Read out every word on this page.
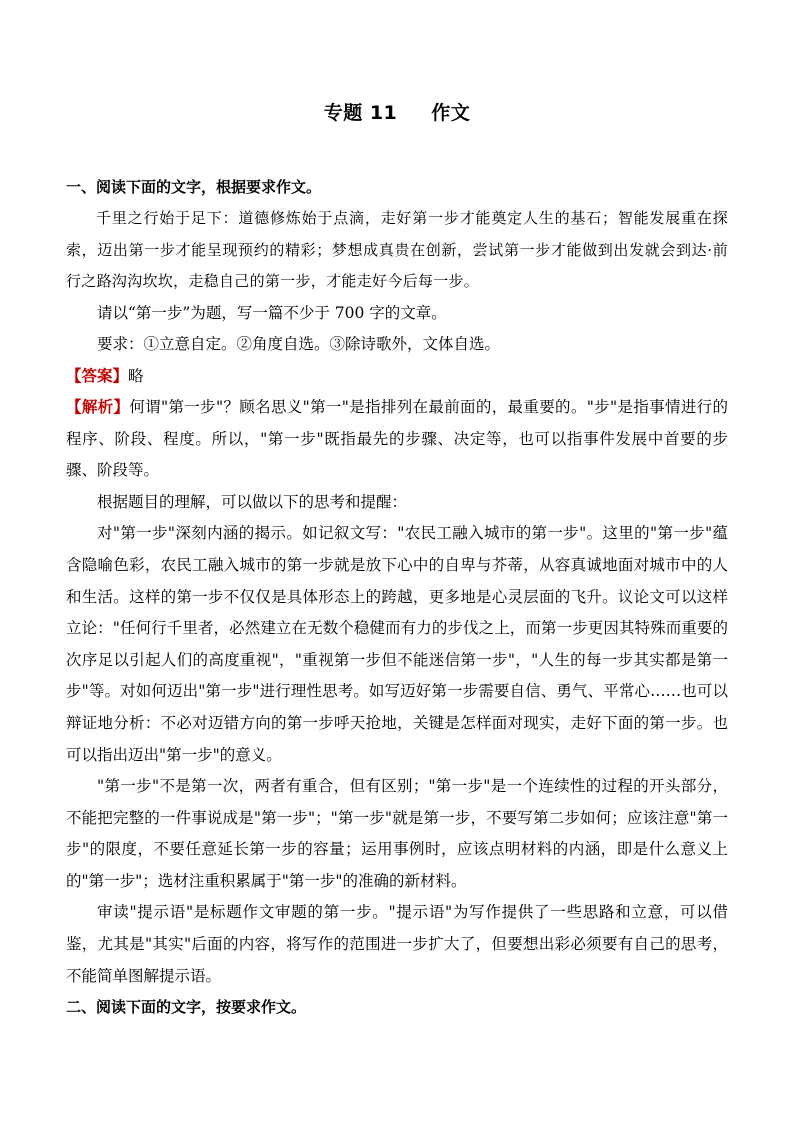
专题 11 作文
一、阅读下面的文字，根据要求作文。
千里之行始于足下：道德修炼始于点滴，走好第一步才能奠定人生的基石；智能发展重在探索，迈出第一步才能呈现预约的精彩；梦想成真贵在创新，尝试第一步才能做到出发就会到达·前行之路沟沟坎坎，走稳自己的第一步，才能走好今后每一步。
请以“第一步”为题，写一篇不少于 700 字的文章。
要求：①立意自定。②角度自选。③除诗歌外，文体自选。
【答案】略
【解析】何谓"第一步"？顾名思义"第一"是指排列在最前面的，最重要的。"步"是指事情进行的程序、阶段、程度。所以，"第一步"既指最先的步骤、决定等，也可以指事件发展中首要的步骤、阶段等。
根据题目的理解，可以做以下的思考和提醒：
对"第一步"深刻内涵的揭示。如记叙文写："农民工融入城市的第一步"。这里的"第一步"蕴含隐喻色彩，农民工融入城市的第一步就是放下心中的自卑与芥蒂，从容真诚地面对城市中的人和生活。这样的第一步不仅仅是具体形态上的跨越，更多地是心灵层面的飞升。议论文可以这样立论："任何行千里者，必然建立在无数个稳健而有力的步伐之上，而第一步更因其特殊而重要的次序足以引起人们的高度重视"，"重视第一步但不能迷信第一步"，"人生的每一步其实都是第一步"等。对如何迈出"第一步"进行理性思考。如写迈好第一步需要自信、勇气、平常心……也可以辩证地分析：不必对迈错方向的第一步呼天抢地，关键是怎样面对现实，走好下面的第一步。也可以指出迈出"第一步"的意义。
"第一步"不是第一次，两者有重合，但有区别；"第一步"是一个连续性的过程的开头部分，不能把完整的一件事说成是"第一步"；"第一步"就是第一步，不要写第二步如何；应该注意"第一步"的限度，不要任意延长第一步的容量；运用事例时，应该点明材料的内涵，即是什么意义上的"第一步"；选材注重积累属于"第一步"的准确的新材料。
审读"提示语"是标题作文审题的第一步。"提示语"为写作提供了一些思路和立意，可以借鉴，尤其是"其实"后面的内容，将写作的范围进一步扩大了，但要想出彩必须要有自己的思考，不能简单图解提示语。
二、阅读下面的文字，按要求作文。
